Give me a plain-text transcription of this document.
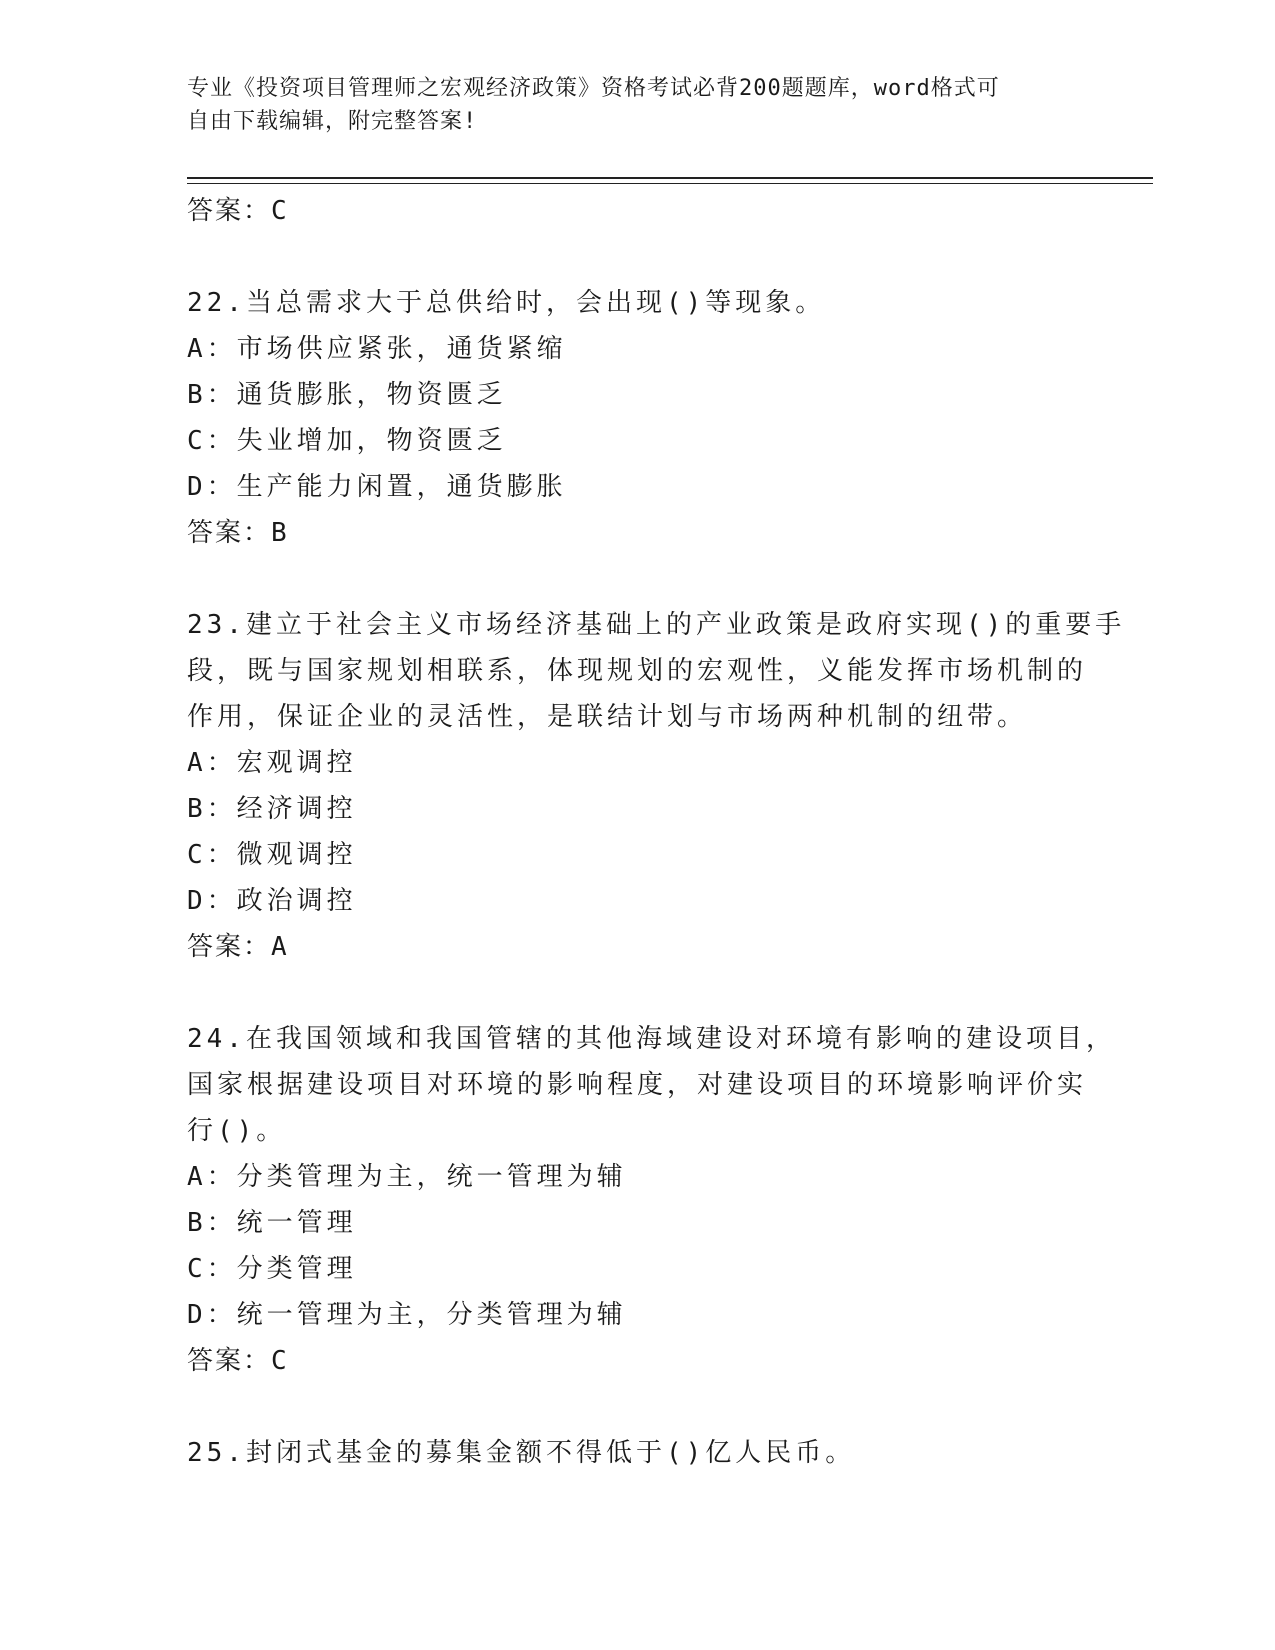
专业《投资项目管理师之宏观经济政策》资格考试必背200题题库，word格式可
自由下载编辑，附完整答案!
答案：C
22.当总需求大于总供给时，会出现()等现象。
A：市场供应紧张，通货紧缩
B：通货膨胀，物资匮乏
C：失业增加，物资匮乏
D：生产能力闲置，通货膨胀
答案：B
23.建立于社会主义市场经济基础上的产业政策是政府实现()的重要手
段，既与国家规划相联系，体现规划的宏观性，义能发挥市场机制的
作用，保证企业的灵活性，是联结计划与市场两种机制的纽带。
A：宏观调控
B：经济调控
C：微观调控
D：政治调控
答案：A
24.在我国领域和我国管辖的其他海域建设对环境有影响的建设项目，
国家根据建设项目对环境的影响程度，对建设项目的环境影响评价实
行()。
A：分类管理为主，统一管理为辅
B：统一管理
C：分类管理
D：统一管理为主，分类管理为辅
答案：C
25.封闭式基金的募集金额不得低于()亿人民币。
